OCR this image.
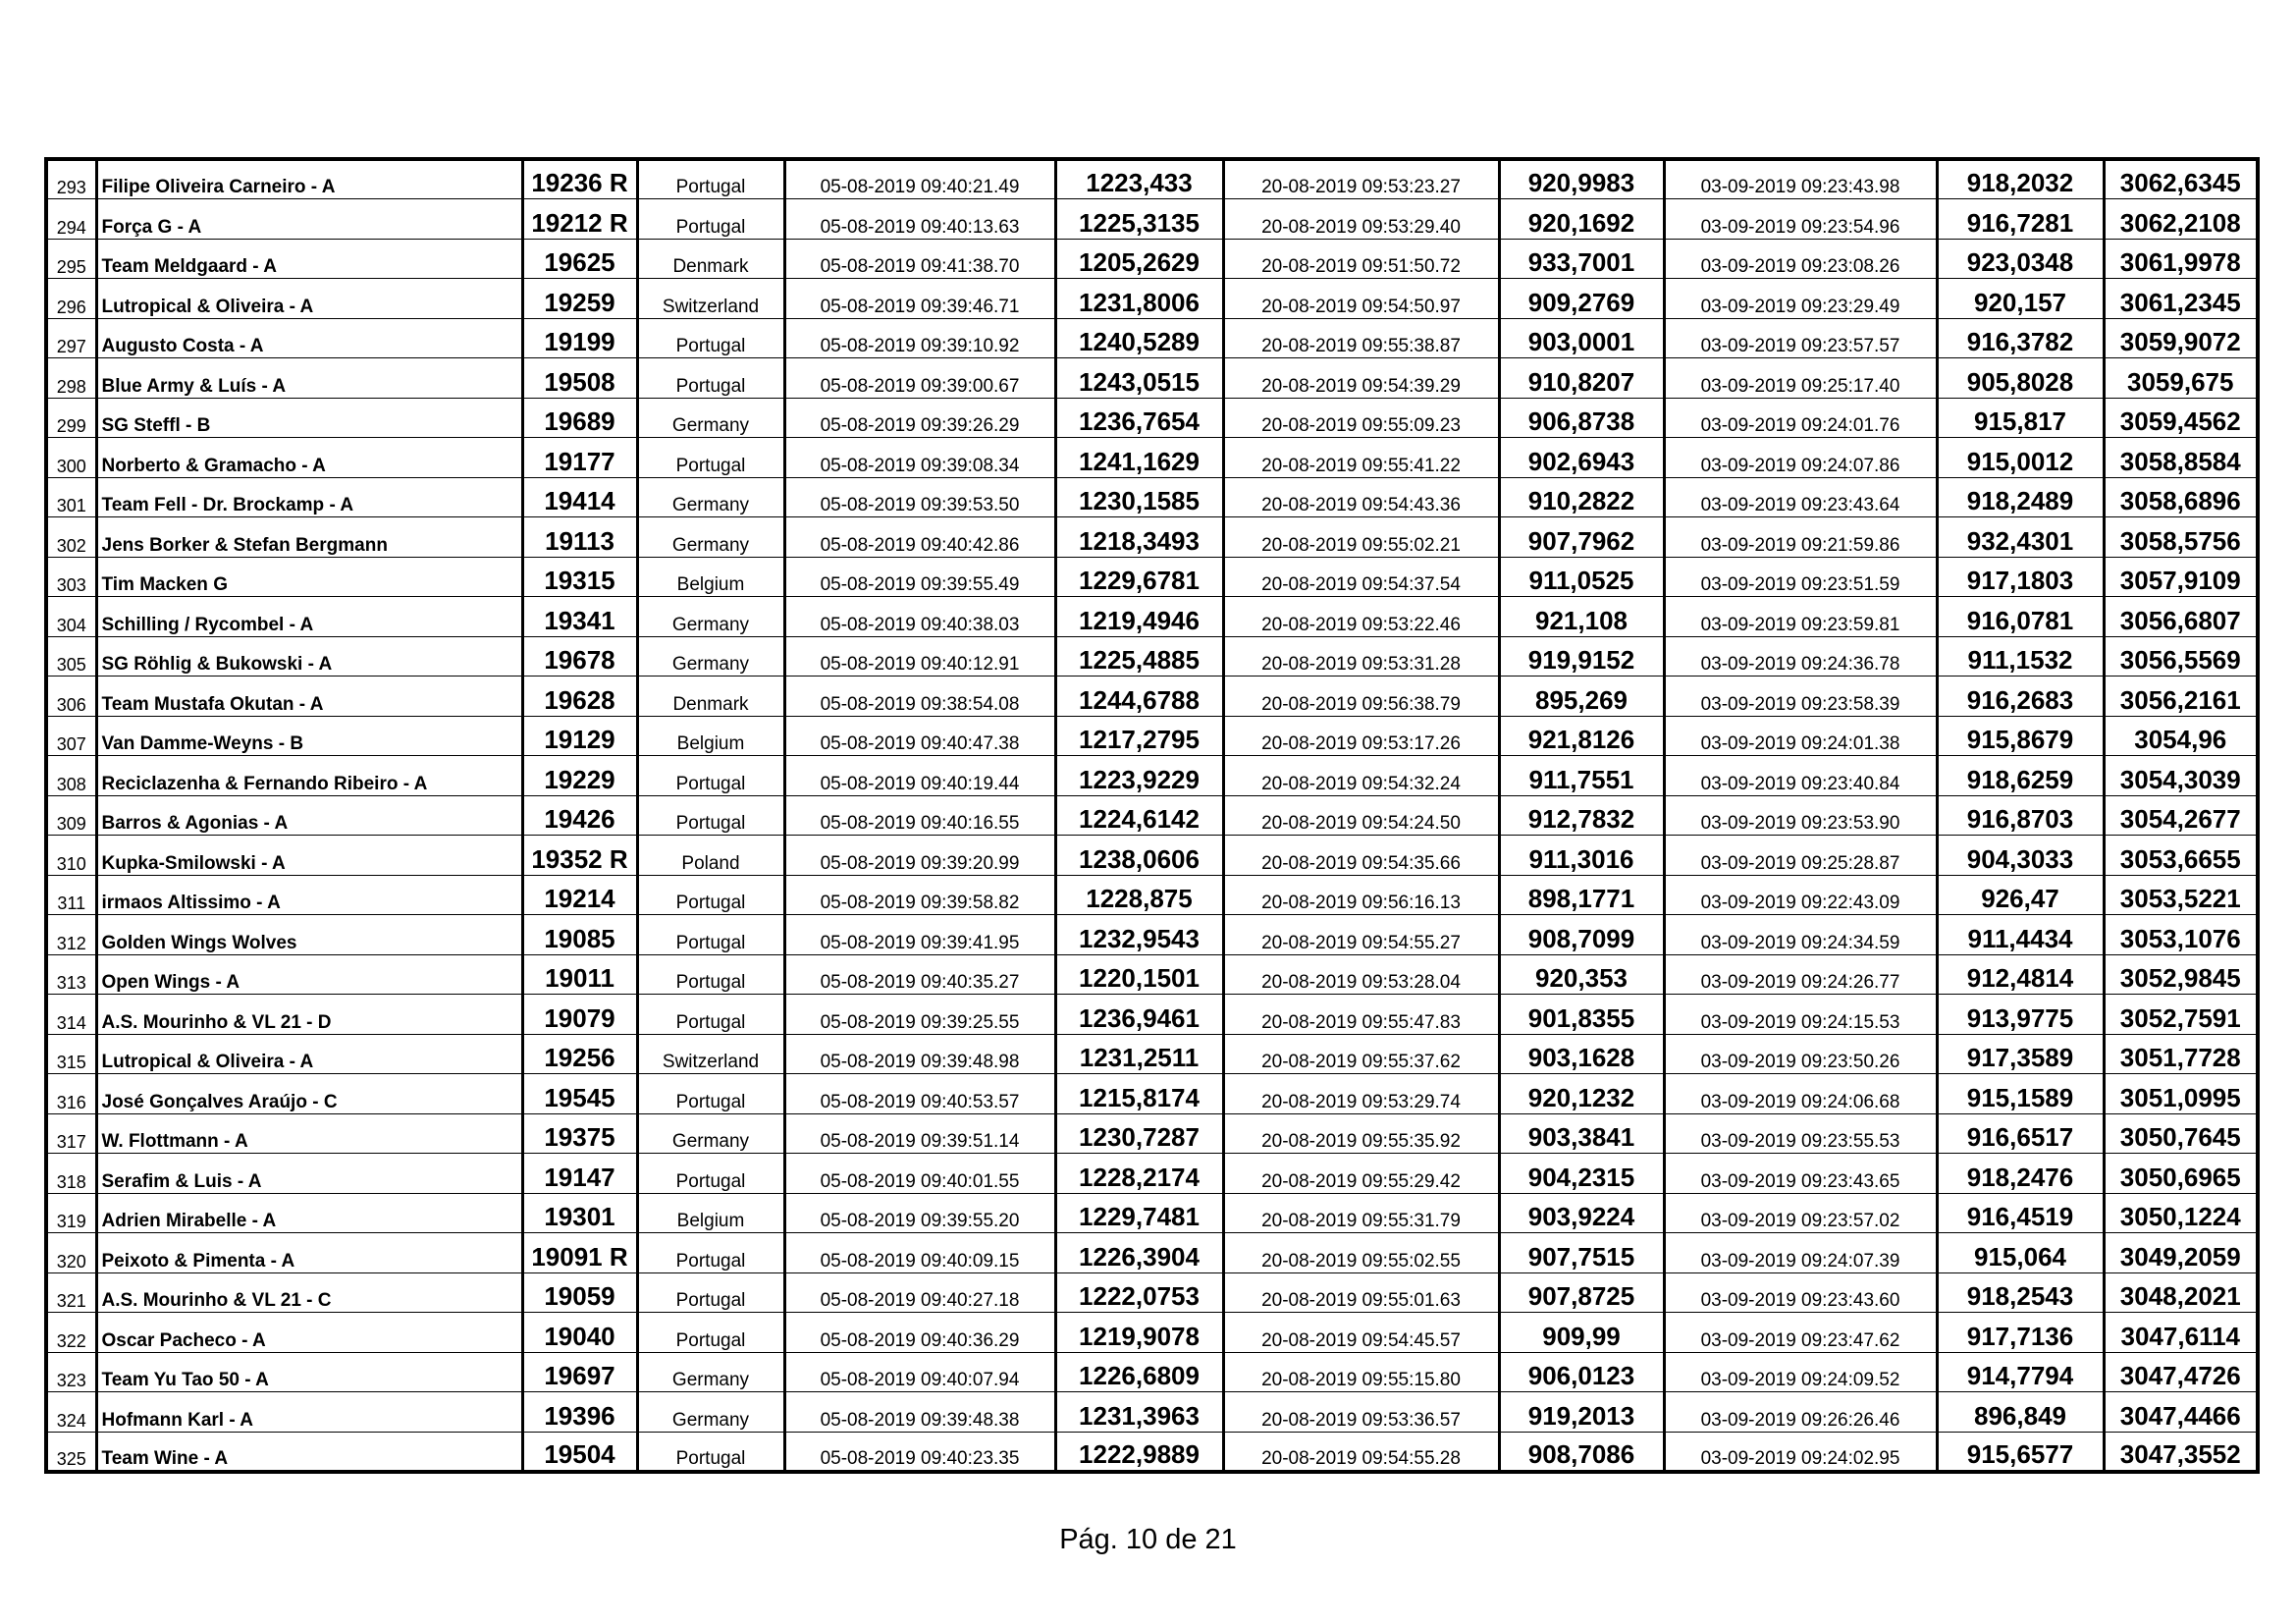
293	Filipe Oliveira Carneiro - A	19236 R	Portugal	05-08-2019 09:40:21.49	1223,433	20-08-2019 09:53:23.27	920,9983	03-09-2019 09:23:43.98	918,2032	3062,6345
294	Força G - A	19212 R	Portugal	05-08-2019 09:40:13.63	1225,3135	20-08-2019 09:53:29.40	920,1692	03-09-2019 09:23:54.96	916,7281	3062,2108
295	Team Meldgaard - A	19625	Denmark	05-08-2019 09:41:38.70	1205,2629	20-08-2019 09:51:50.72	933,7001	03-09-2019 09:23:08.26	923,0348	3061,9978
296	Lutropical & Oliveira - A	19259	Switzerland	05-08-2019 09:39:46.71	1231,8006	20-08-2019 09:54:50.97	909,2769	03-09-2019 09:23:29.49	920,157	3061,2345
297	Augusto Costa - A	19199	Portugal	05-08-2019 09:39:10.92	1240,5289	20-08-2019 09:55:38.87	903,0001	03-09-2019 09:23:57.57	916,3782	3059,9072
298	Blue Army & Luís - A	19508	Portugal	05-08-2019 09:39:00.67	1243,0515	20-08-2019 09:54:39.29	910,8207	03-09-2019 09:25:17.40	905,8028	3059,675
299	SG Steffl - B	19689	Germany	05-08-2019 09:39:26.29	1236,7654	20-08-2019 09:55:09.23	906,8738	03-09-2019 09:24:01.76	915,817	3059,4562
300	Norberto & Gramacho - A	19177	Portugal	05-08-2019 09:39:08.34	1241,1629	20-08-2019 09:55:41.22	902,6943	03-09-2019 09:24:07.86	915,0012	3058,8584
301	Team Fell - Dr. Brockamp - A	19414	Germany	05-08-2019 09:39:53.50	1230,1585	20-08-2019 09:54:43.36	910,2822	03-09-2019 09:23:43.64	918,2489	3058,6896
302	Jens Borker & Stefan Bergmann	19113	Germany	05-08-2019 09:40:42.86	1218,3493	20-08-2019 09:55:02.21	907,7962	03-09-2019 09:21:59.86	932,4301	3058,5756
303	Tim Macken G	19315	Belgium	05-08-2019 09:39:55.49	1229,6781	20-08-2019 09:54:37.54	911,0525	03-09-2019 09:23:51.59	917,1803	3057,9109
304	Schilling / Rycombel - A	19341	Germany	05-08-2019 09:40:38.03	1219,4946	20-08-2019 09:53:22.46	921,108	03-09-2019 09:23:59.81	916,0781	3056,6807
305	SG Röhlig & Bukowski - A	19678	Germany	05-08-2019 09:40:12.91	1225,4885	20-08-2019 09:53:31.28	919,9152	03-09-2019 09:24:36.78	911,1532	3056,5569
306	Team Mustafa Okutan - A	19628	Denmark	05-08-2019 09:38:54.08	1244,6788	20-08-2019 09:56:38.79	895,269	03-09-2019 09:23:58.39	916,2683	3056,2161
307	Van Damme-Weyns - B	19129	Belgium	05-08-2019 09:40:47.38	1217,2795	20-08-2019 09:53:17.26	921,8126	03-09-2019 09:24:01.38	915,8679	3054,96
308	Reciclazenha & Fernando Ribeiro - A	19229	Portugal	05-08-2019 09:40:19.44	1223,9229	20-08-2019 09:54:32.24	911,7551	03-09-2019 09:23:40.84	918,6259	3054,3039
309	Barros & Agonias - A	19426	Portugal	05-08-2019 09:40:16.55	1224,6142	20-08-2019 09:54:24.50	912,7832	03-09-2019 09:23:53.90	916,8703	3054,2677
310	Kupka-Smilowski - A	19352 R	Poland	05-08-2019 09:39:20.99	1238,0606	20-08-2019 09:54:35.66	911,3016	03-09-2019 09:25:28.87	904,3033	3053,6655
311	irmaos Altissimo - A	19214	Portugal	05-08-2019 09:39:58.82	1228,875	20-08-2019 09:56:16.13	898,1771	03-09-2019 09:22:43.09	926,47	3053,5221
312	Golden Wings Wolves	19085	Portugal	05-08-2019 09:39:41.95	1232,9543	20-08-2019 09:54:55.27	908,7099	03-09-2019 09:24:34.59	911,4434	3053,1076
313	Open Wings - A	19011	Portugal	05-08-2019 09:40:35.27	1220,1501	20-08-2019 09:53:28.04	920,353	03-09-2019 09:24:26.77	912,4814	3052,9845
314	A.S. Mourinho & VL 21 - D	19079	Portugal	05-08-2019 09:39:25.55	1236,9461	20-08-2019 09:55:47.83	901,8355	03-09-2019 09:24:15.53	913,9775	3052,7591
315	Lutropical & Oliveira - A	19256	Switzerland	05-08-2019 09:39:48.98	1231,2511	20-08-2019 09:55:37.62	903,1628	03-09-2019 09:23:50.26	917,3589	3051,7728
316	José Gonçalves Araújo - C	19545	Portugal	05-08-2019 09:40:53.57	1215,8174	20-08-2019 09:53:29.74	920,1232	03-09-2019 09:24:06.68	915,1589	3051,0995
317	W. Flottmann - A	19375	Germany	05-08-2019 09:39:51.14	1230,7287	20-08-2019 09:55:35.92	903,3841	03-09-2019 09:23:55.53	916,6517	3050,7645
318	Serafim & Luis - A	19147	Portugal	05-08-2019 09:40:01.55	1228,2174	20-08-2019 09:55:29.42	904,2315	03-09-2019 09:23:43.65	918,2476	3050,6965
319	Adrien Mirabelle - A	19301	Belgium	05-08-2019 09:39:55.20	1229,7481	20-08-2019 09:55:31.79	903,9224	03-09-2019 09:23:57.02	916,4519	3050,1224
320	Peixoto & Pimenta - A	19091 R	Portugal	05-08-2019 09:40:09.15	1226,3904	20-08-2019 09:55:02.55	907,7515	03-09-2019 09:24:07.39	915,064	3049,2059
321	A.S. Mourinho & VL 21 - C	19059	Portugal	05-08-2019 09:40:27.18	1222,0753	20-08-2019 09:55:01.63	907,8725	03-09-2019 09:23:43.60	918,2543	3048,2021
322	Oscar Pacheco - A	19040	Portugal	05-08-2019 09:40:36.29	1219,9078	20-08-2019 09:54:45.57	909,99	03-09-2019 09:23:47.62	917,7136	3047,6114
323	Team Yu Tao 50 - A	19697	Germany	05-08-2019 09:40:07.94	1226,6809	20-08-2019 09:55:15.80	906,0123	03-09-2019 09:24:09.52	914,7794	3047,4726
324	Hofmann Karl - A	19396	Germany	05-08-2019 09:39:48.38	1231,3963	20-08-2019 09:53:36.57	919,2013	03-09-2019 09:26:26.46	896,849	3047,4466
325	Team Wine - A	19504	Portugal	05-08-2019 09:40:23.35	1222,9889	20-08-2019 09:54:55.28	908,7086	03-09-2019 09:24:02.95	915,6577	3047,3552
Pág. 10 de 21
